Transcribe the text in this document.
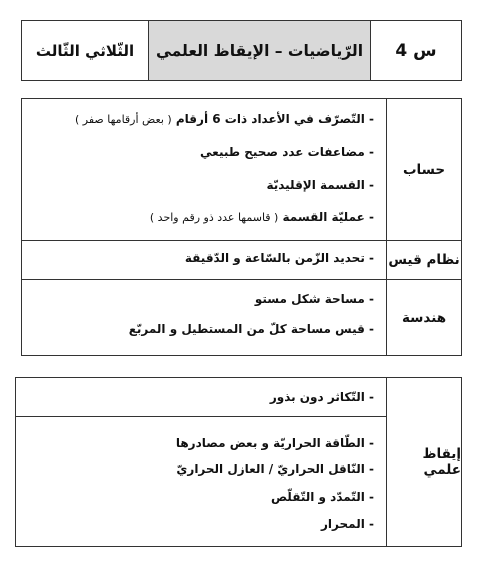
س 4
الرّياضيات – الإيقاظ العلمي
الثّلاثي الثّالث
حساب
- التّصرّف في الأعداد ذات 6 أرقام ( بعض أرقامها صفر )
- مضاعفات عدد صحيح طبيعي
- القسمة الإقليديّة
- عمليّة القسمة ( قاسمها عدد ذو رقم واحد )
نظام قيس
- تحديد الزّمن بالسّاعة و الدّقيقة
هندسة
- مساحة شكل مستو
- قيس مساحة كلّ من المستطيل و المربّع
إيقاظ علمي
- التّكاثر دون بذور
- الطّاقة الحراريّة و بعض مصادرها
- النّاقل الحراريّ / العازل الحراريّ
- التّمدّد و التّقلّص
- المحرار
